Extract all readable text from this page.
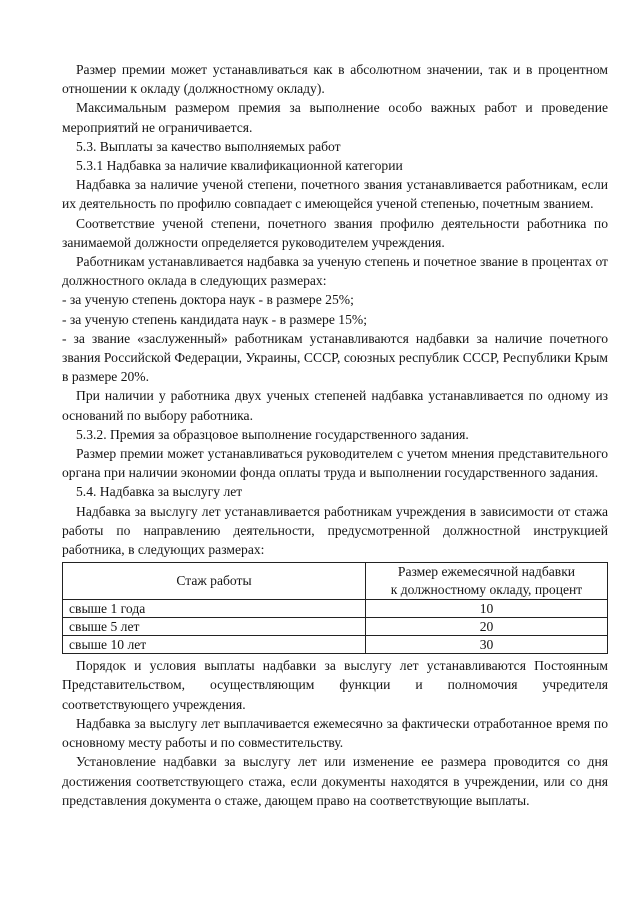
Размер премии может устанавливаться как в абсолютном значении, так и в процентном отношении к окладу (должностному окладу).

Максимальным размером премия за выполнение особо важных работ и проведение мероприятий не ограничивается.

5.3. Выплаты за качество выполняемых работ

5.3.1 Надбавка за наличие квалификационной категории

Надбавка за наличие ученой степени, почетного звания устанавливается работникам, если их деятельность по профилю совпадает с имеющейся ученой степенью, почетным званием.

Соответствие ученой степени, почетного звания профилю деятельности работника по занимаемой должности определяется руководителем учреждения.

Работникам устанавливается надбавка за ученую степень и почетное звание в процентах от должностного оклада в следующих размерах:

- за ученую степень доктора наук - в размере 25%;

- за ученую степень кандидата наук - в размере 15%;

- за звание «заслуженный» работникам устанавливаются надбавки за наличие почетного звания Российской Федерации, Украины, СССР, союзных республик СССР, Республики Крым в размере 20%.

При наличии у работника двух ученых степеней надбавка устанавливается по одному из оснований по выбору работника.

5.3.2. Премия за образцовое выполнение государственного задания.

Размер премии может устанавливаться руководителем с учетом мнения представительного органа при наличии экономии фонда оплаты труда и выполнении государственного задания.

5.4. Надбавка за выслугу лет

Надбавка за выслугу лет устанавливается работникам учреждения в зависимости от стажа работы по направлению деятельности, предусмотренной должностной инструкцией работника, в следующих размерах:

Стаж работы	Размер ежемесячной надбавки
к должностному окладу, процент

свыше 1 года	10
свыше 5 лет	20
свыше 10 лет	30

Порядок и условия выплаты надбавки за выслугу лет устанавливаются Постоянным Представительством, осуществляющим функции и полномочия учредителя соответствующего учреждения.

Надбавка за выслугу лет выплачивается ежемесячно за фактически отработанное время по основному месту работы и по совместительству.

Установление надбавки за выслугу лет или изменение ее размера проводится со дня достижения соответствующего стажа, если документы находятся в учреждении, или со дня представления документа о стаже, дающем право на соответствующие выплаты.
